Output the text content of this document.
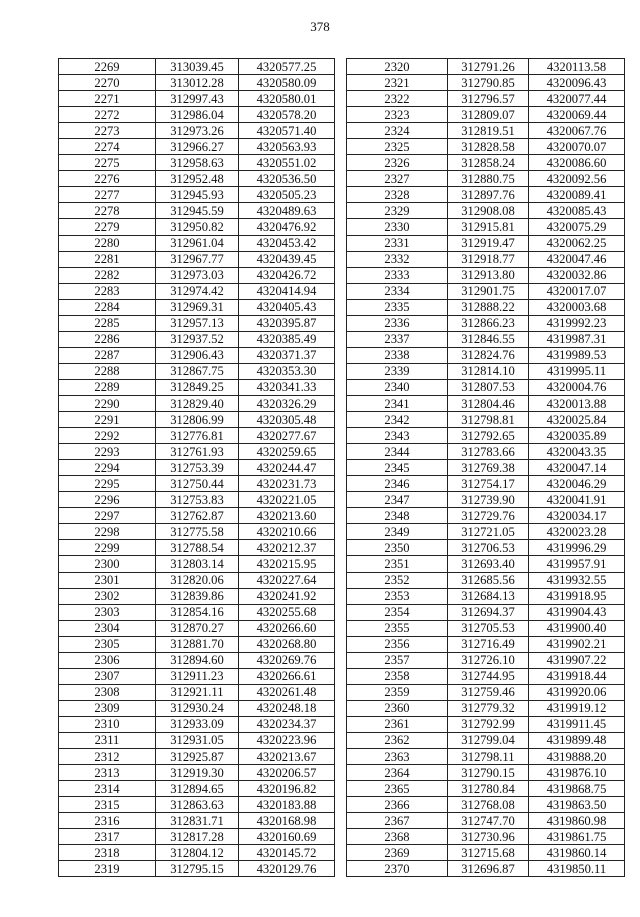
378
2269	313039.45	4320577.25
2270	313012.28	4320580.09
2271	312997.43	4320580.01
2272	312986.04	4320578.20
2273	312973.26	4320571.40
2274	312966.27	4320563.93
2275	312958.63	4320551.02
2276	312952.48	4320536.50
2277	312945.93	4320505.23
2278	312945.59	4320489.63
2279	312950.82	4320476.92
2280	312961.04	4320453.42
2281	312967.77	4320439.45
2282	312973.03	4320426.72
2283	312974.42	4320414.94
2284	312969.31	4320405.43
2285	312957.13	4320395.87
2286	312937.52	4320385.49
2287	312906.43	4320371.37
2288	312867.75	4320353.30
2289	312849.25	4320341.33
2290	312829.40	4320326.29
2291	312806.99	4320305.48
2292	312776.81	4320277.67
2293	312761.93	4320259.65
2294	312753.39	4320244.47
2295	312750.44	4320231.73
2296	312753.83	4320221.05
2297	312762.87	4320213.60
2298	312775.58	4320210.66
2299	312788.54	4320212.37
2300	312803.14	4320215.95
2301	312820.06	4320227.64
2302	312839.86	4320241.92
2303	312854.16	4320255.68
2304	312870.27	4320266.60
2305	312881.70	4320268.80
2306	312894.60	4320269.76
2307	312911.23	4320266.61
2308	312921.11	4320261.48
2309	312930.24	4320248.18
2310	312933.09	4320234.37
2311	312931.05	4320223.96
2312	312925.87	4320213.67
2313	312919.30	4320206.57
2314	312894.65	4320196.82
2315	312863.63	4320183.88
2316	312831.71	4320168.98
2317	312817.28	4320160.69
2318	312804.12	4320145.72
2319	312795.15	4320129.76
2320	312791.26	4320113.58
2321	312790.85	4320096.43
2322	312796.57	4320077.44
2323	312809.07	4320069.44
2324	312819.51	4320067.76
2325	312828.58	4320070.07
2326	312858.24	4320086.60
2327	312880.75	4320092.56
2328	312897.76	4320089.41
2329	312908.08	4320085.43
2330	312915.81	4320075.29
2331	312919.47	4320062.25
2332	312918.77	4320047.46
2333	312913.80	4320032.86
2334	312901.75	4320017.07
2335	312888.22	4320003.68
2336	312866.23	4319992.23
2337	312846.55	4319987.31
2338	312824.76	4319989.53
2339	312814.10	4319995.11
2340	312807.53	4320004.76
2341	312804.46	4320013.88
2342	312798.81	4320025.84
2343	312792.65	4320035.89
2344	312783.66	4320043.35
2345	312769.38	4320047.14
2346	312754.17	4320046.29
2347	312739.90	4320041.91
2348	312729.76	4320034.17
2349	312721.05	4320023.28
2350	312706.53	4319996.29
2351	312693.40	4319957.91
2352	312685.56	4319932.55
2353	312684.13	4319918.95
2354	312694.37	4319904.43
2355	312705.53	4319900.40
2356	312716.49	4319902.21
2357	312726.10	4319907.22
2358	312744.95	4319918.44
2359	312759.46	4319920.06
2360	312779.32	4319919.12
2361	312792.99	4319911.45
2362	312799.04	4319899.48
2363	312798.11	4319888.20
2364	312790.15	4319876.10
2365	312780.84	4319868.75
2366	312768.08	4319863.50
2367	312747.70	4319860.98
2368	312730.96	4319861.75
2369	312715.68	4319860.14
2370	312696.87	4319850.11
